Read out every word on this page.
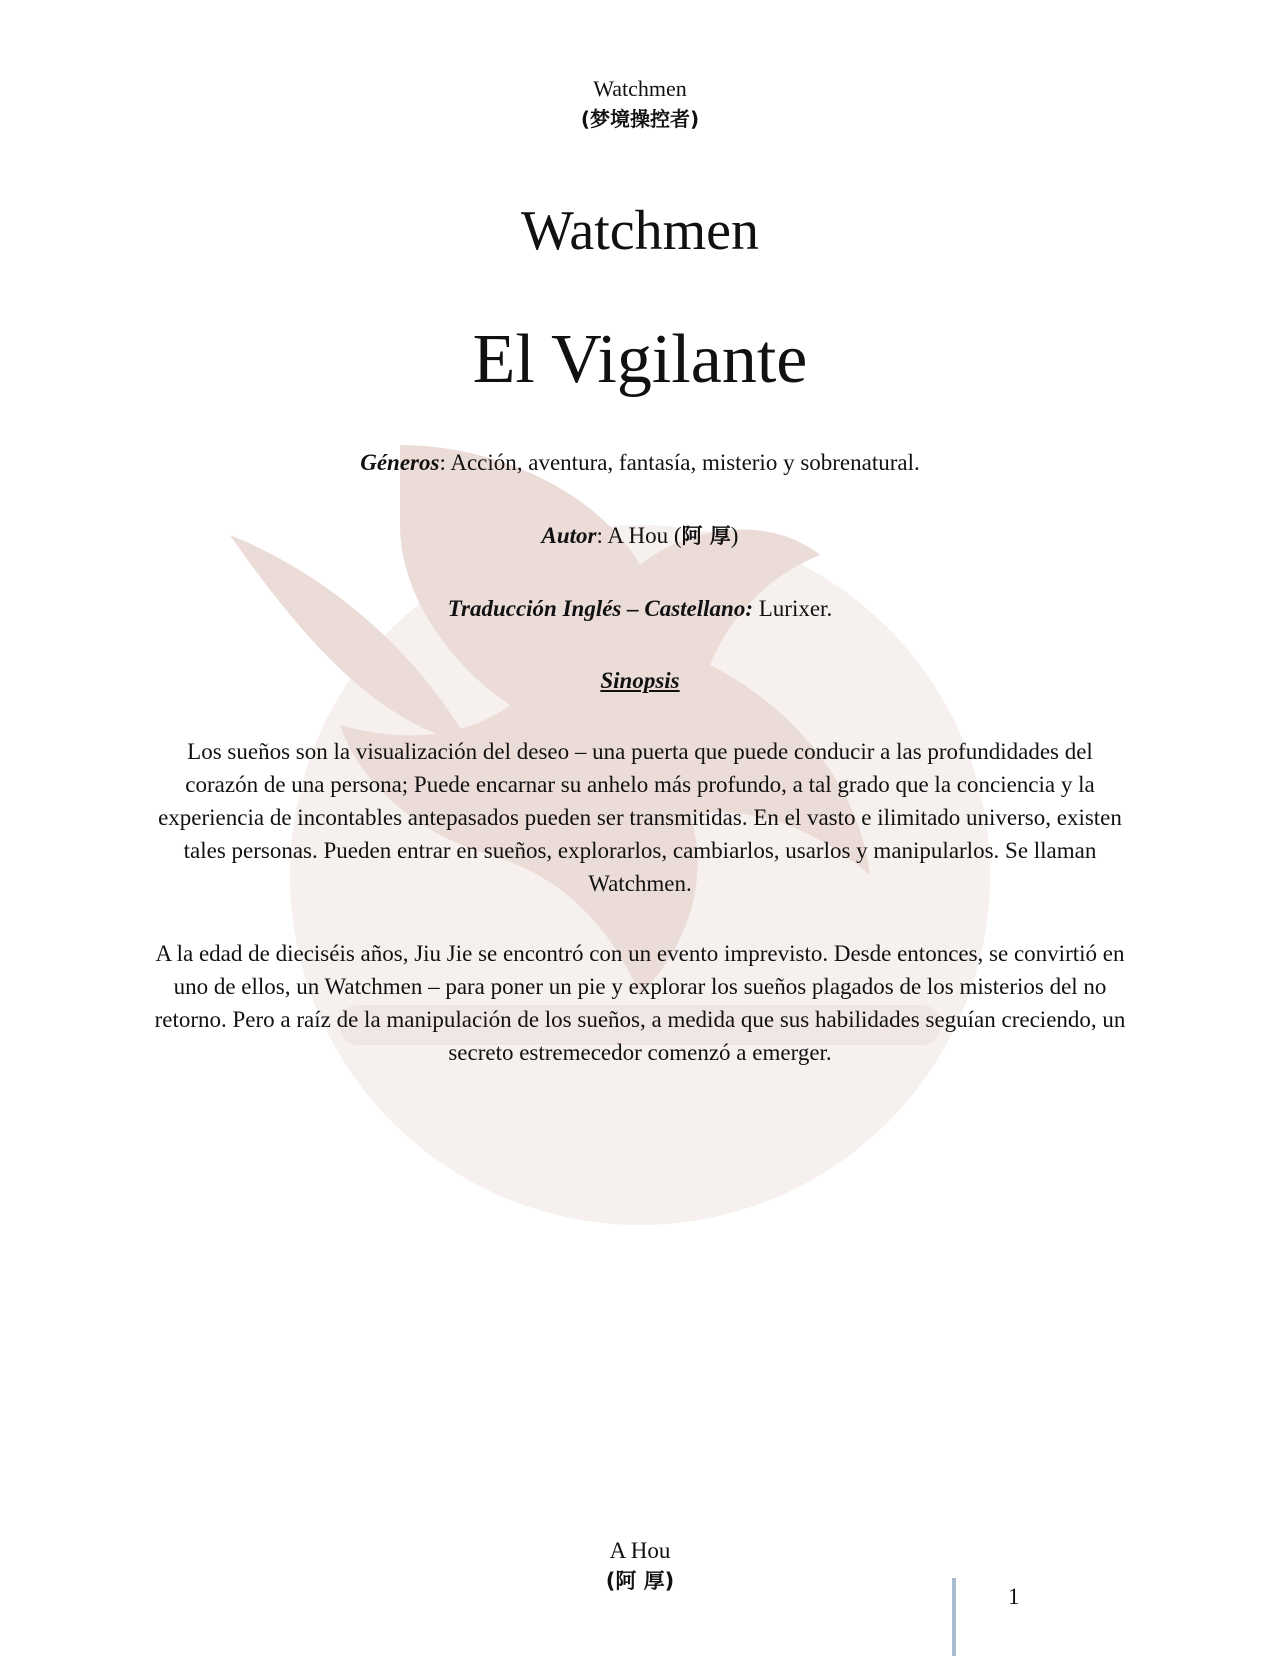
Watchmen
(梦境操控者)
Watchmen
El Vigilante
Géneros: Acción, aventura, fantasía, misterio y sobrenatural.
Autor: A Hou (阿 厚)
Traducción Inglés – Castellano: Lurixer.
Sinopsis

Los sueños son la visualización del deseo – una puerta que puede conducir a las profundidades del corazón de una persona; Puede encarnar su anhelo más profundo, a tal grado que la conciencia y la experiencia de incontables antepasados pueden ser transmitidas. En el vasto e ilimitado universo, existen tales personas. Pueden entrar en sueños, explorarlos, cambiarlos, usarlos y manipularlos. Se llaman Watchmen.

A la edad de dieciséis años, Jiu Jie se encontró con un evento imprevisto. Desde entonces, se convirtió en uno de ellos, un Watchmen – para poner un pie y explorar los sueños plagados de los misterios del no retorno. Pero a raíz de la manipulación de los sueños, a medida que sus habilidades seguían creciendo, un secreto estremecedor comenzó a emerger.

A Hou
(阿 厚)
1
